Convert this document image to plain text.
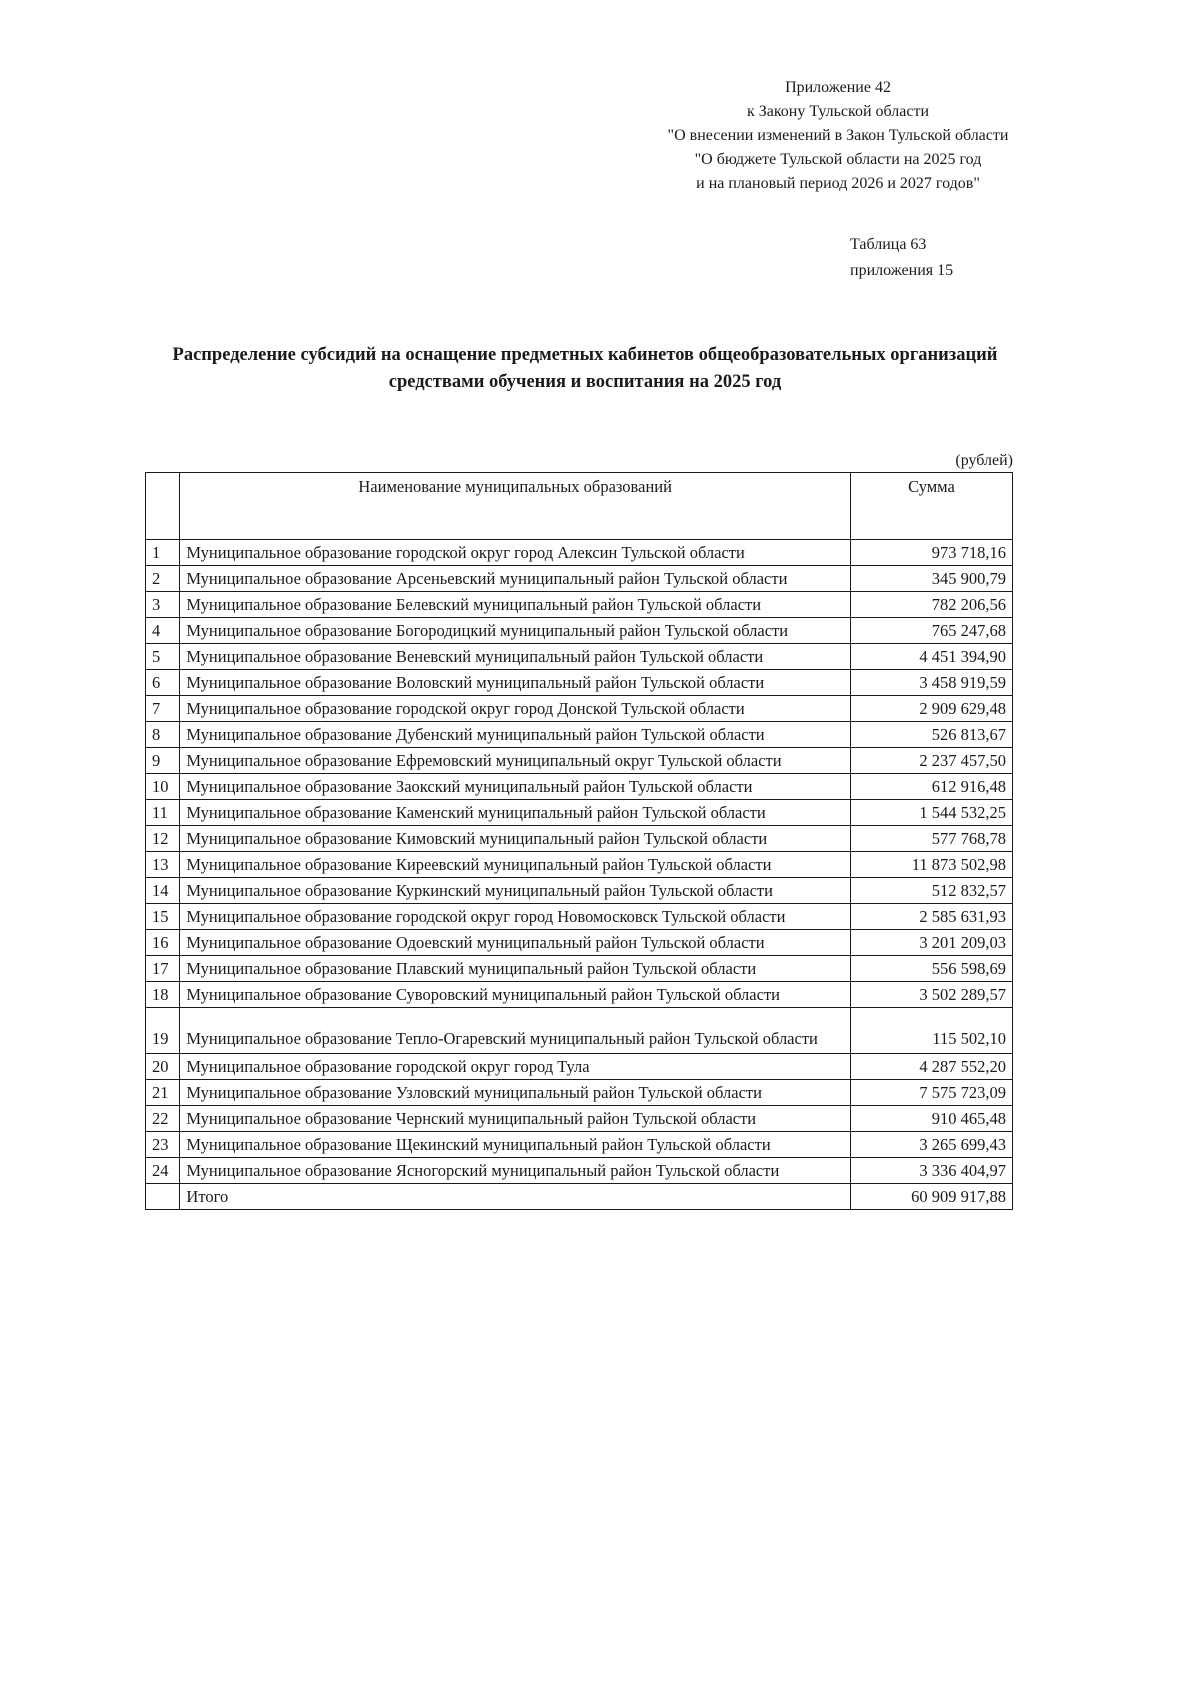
Приложение 42
к Закону Тульской области
"О внесении изменений в Закон Тульской области
"О бюджете Тульской области на 2025 год
и на плановый период 2026 и 2027 годов"
Таблица 63
приложения 15
Распределение субсидий на оснащение предметных кабинетов общеобразовательных организаций средствами обучения и воспитания на 2025 год
(рублей)
	Наименование муниципальных образований	Сумма
1	Муниципальное образование городской округ город Алексин Тульской области	973 718,16
2	Муниципальное образование Арсеньевский муниципальный район Тульской области	345 900,79
3	Муниципальное образование Белевский муниципальный район Тульской области	782 206,56
4	Муниципальное образование Богородицкий муниципальный район Тульской области	765 247,68
5	Муниципальное образование Веневский муниципальный район Тульской области	4 451 394,90
6	Муниципальное образование Воловский муниципальный район Тульской области	3 458 919,59
7	Муниципальное образование городской округ город Донской Тульской области	2 909 629,48
8	Муниципальное образование Дубенский муниципальный район Тульской области	526 813,67
9	Муниципальное образование Ефремовский муниципальный округ Тульской области	2 237 457,50
10	Муниципальное образование Заокский муниципальный район Тульской области	612 916,48
11	Муниципальное образование Каменский муниципальный район Тульской области	1 544 532,25
12	Муниципальное образование Кимовский муниципальный район Тульской области	577 768,78
13	Муниципальное образование Киреевский муниципальный район Тульской области	11 873 502,98
14	Муниципальное образование Куркинский муниципальный район Тульской области	512 832,57
15	Муниципальное образование городской округ город Новомосковск Тульской области	2 585 631,93
16	Муниципальное образование Одоевский муниципальный район Тульской области	3 201 209,03
17	Муниципальное образование Плавский муниципальный район Тульской области	556 598,69
18	Муниципальное образование Суворовский муниципальный район Тульской области	3 502 289,57
19	Муниципальное образование Тепло-Огаревский муниципальный район Тульской области	115 502,10
20	Муниципальное образование городской округ город Тула	4 287 552,20
21	Муниципальное образование Узловский муниципальный район Тульской области	7 575 723,09
22	Муниципальное образование Чернский муниципальный район Тульской области	910 465,48
23	Муниципальное образование Щекинский муниципальный район Тульской области	3 265 699,43
24	Муниципальное образование Ясногорский муниципальный район Тульской области	3 336 404,97
	Итого	60 909 917,88
